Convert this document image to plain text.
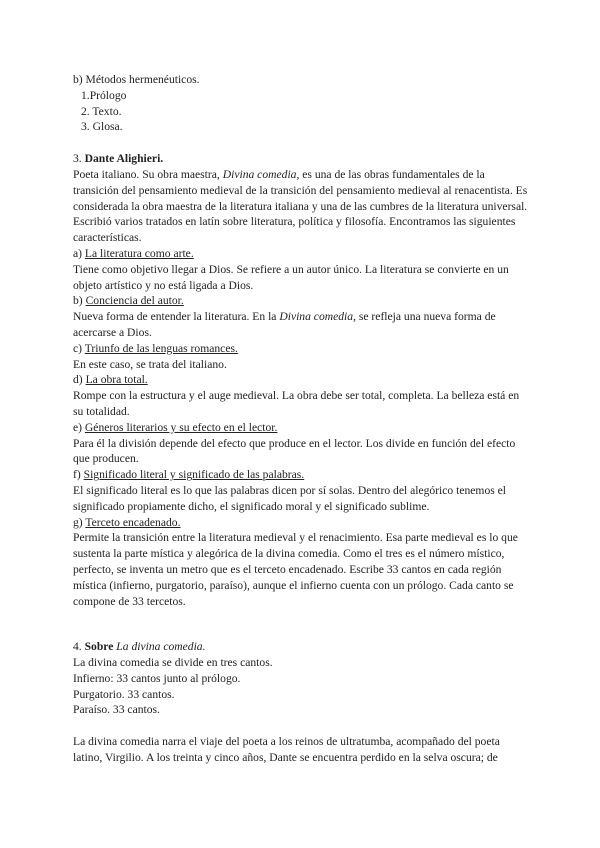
b) Métodos hermenéuticos.
1.Prólogo
2. Texto.
3. Glosa.
3. Dante Alighieri.
Poeta italiano. Su obra maestra, Divina comedia, es una de las obras fundamentales de la transición del pensamiento medieval de la transición del pensamiento medieval al renacentista. Es considerada la obra maestra de la literatura italiana y una de las cumbres de la literatura universal. Escribió varios tratados en latín sobre literatura, política y filosofía. Encontramos las siguientes características.
a) La literatura como arte.
Tiene como objetivo llegar a Dios. Se refiere a un autor único. La literatura se convierte en un objeto artístico y no está ligada a Dios.
b) Conciencia del autor.
Nueva forma de entender la literatura. En la Divina comedia, se refleja una nueva forma de acercarse a Dios.
c) Triunfo de las lenguas romances.
En este caso, se trata del italiano.
d) La obra total.
Rompe con la estructura y el auge medieval. La obra debe ser total, completa. La belleza está en su totalidad.
e) Géneros literarios y su efecto en el lector.
Para él la división depende del efecto que produce en el lector. Los divide en función del efecto que producen.
f) Significado literal y significado de las palabras.
El significado literal es lo que las palabras dicen por sí solas. Dentro del alegórico tenemos el significado propiamente dicho, el significado moral y el significado sublime.
g) Terceto encadenado.
Permite la transición entre la literatura medieval y el renacimiento. Esa parte medieval es lo que sustenta la parte mística y alegórica de la divina comedia. Como el tres es el número místico, perfecto, se inventa un metro que es el terceto encadenado. Escribe 33 cantos en cada región mística (infierno, purgatorio, paraíso), aunque el infierno cuenta con un prólogo. Cada canto se compone de 33 tercetos.
4. Sobre La divina comedia.
La divina comedia se divide en tres cantos.
Infierno: 33 cantos junto al prólogo.
Purgatorio. 33 cantos.
Paraíso. 33 cantos.
La divina comedia narra el viaje del poeta a los reinos de ultratumba, acompañado del poeta latino, Virgilio. A los treinta y cinco años, Dante se encuentra perdido en la selva oscura; de
